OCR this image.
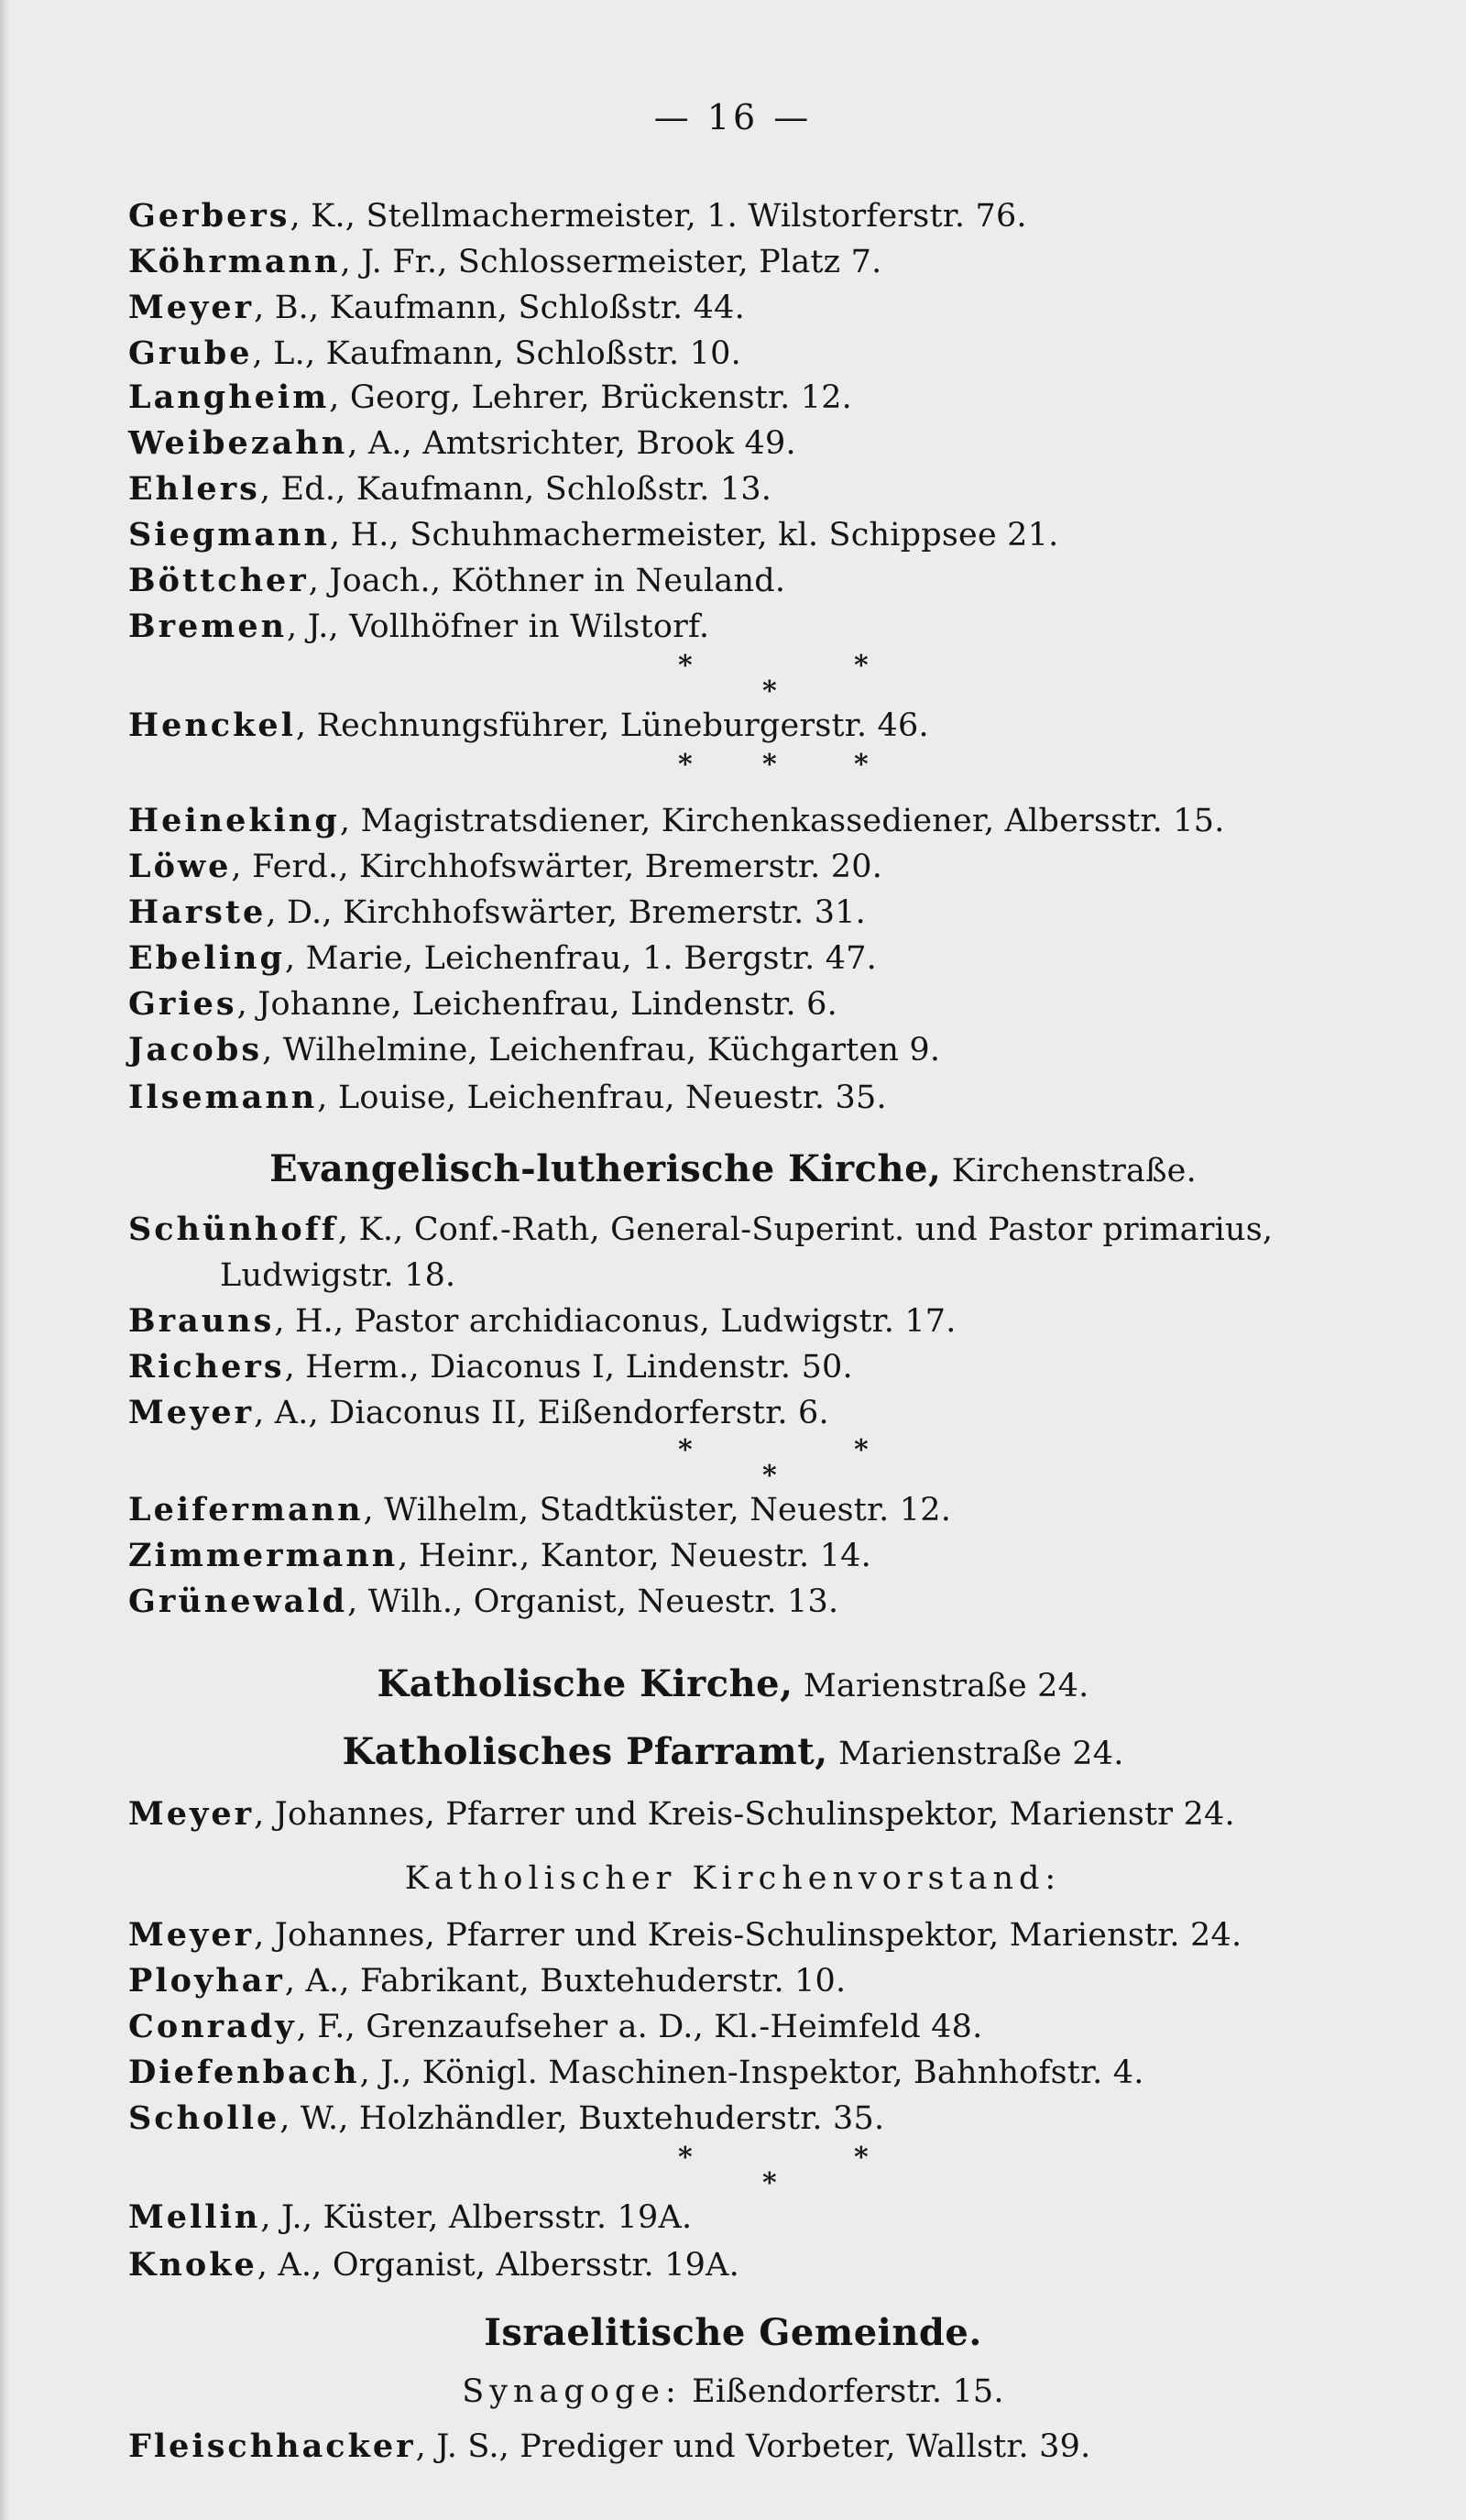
— 16 —
Gerbers, K., Stellmachermeister, 1. Wilstorferstr. 76.
Köhrmann, J. Fr., Schlossermeister, Platz 7.
Meyer, B., Kaufmann, Schloßstr. 44.
Grube, L., Kaufmann, Schloßstr. 10.
Langheim, Georg, Lehrer, Brückenstr. 12.
Weibezahn, A., Amtsrichter, Brook 49.
Ehlers, Ed., Kaufmann, Schloßstr. 13.
Siegmann, H., Schuhmachermeister, kl. Schippsee 21.
Böttcher, Joach., Köthner in Neuland.
Bremen, J., Vollhöfner in Wilstorf.
*
*
*
Henckel, Rechnungsführer, Lüneburgerstr. 46.
*	*	*
Heineking, Magistratsdiener, Kirchenkassediener, Albersstr. 15.
Löwe, Ferd., Kirchhofswärter, Bremerstr. 20.
Harste, D., Kirchhofswärter, Bremerstr. 31.
Ebeling, Marie, Leichenfrau, 1. Bergstr. 47.
Gries, Johanne, Leichenfrau, Lindenstr. 6.
Jacobs, Wilhelmine, Leichenfrau, Küchgarten 9.
Ilsemann, Louise, Leichenfrau, Neuestr. 35.
Evangelisch-lutherische Kirche, Kirchenstraße.
Schünhoff, K., Conf.-Rath, General-Superint. und Pastor primarius,
Ludwigstr. 18.
Brauns, H., Pastor archidiaconus, Ludwigstr. 17.
Richers, Herm., Diaconus I, Lindenstr. 50.
Meyer, A., Diaconus II, Eißendorferstr. 6.
*
*
*
Leifermann, Wilhelm, Stadtküster, Neuestr. 12.
Zimmermann, Heinr., Kantor, Neuestr. 14.
Grünewald, Wilh., Organist, Neuestr. 13.
Katholische Kirche, Marienstraße 24.
Katholisches Pfarramt, Marienstraße 24.
Meyer, Johannes, Pfarrer und Kreis-Schulinspektor, Marienstr 24.
Katholischer Kirchenvorstand:
Meyer, Johannes, Pfarrer und Kreis-Schulinspektor, Marienstr. 24.
Ployhar, A., Fabrikant, Buxtehuderstr. 10.
Conrady, F., Grenzaufseher a. D., Kl.-Heimfeld 48.
Diefenbach, J., Königl. Maschinen-Inspektor, Bahnhofstr. 4.
Scholle, W., Holzhändler, Buxtehuderstr. 35.
*
*
*
Mellin, J., Küster, Albersstr. 19A.
Knoke, A., Organist, Albersstr. 19A.
Israelitische Gemeinde.
Synagoge: Eißendorferstr. 15.
Fleischhacker, J. S., Prediger und Vorbeter, Wallstr. 39.
